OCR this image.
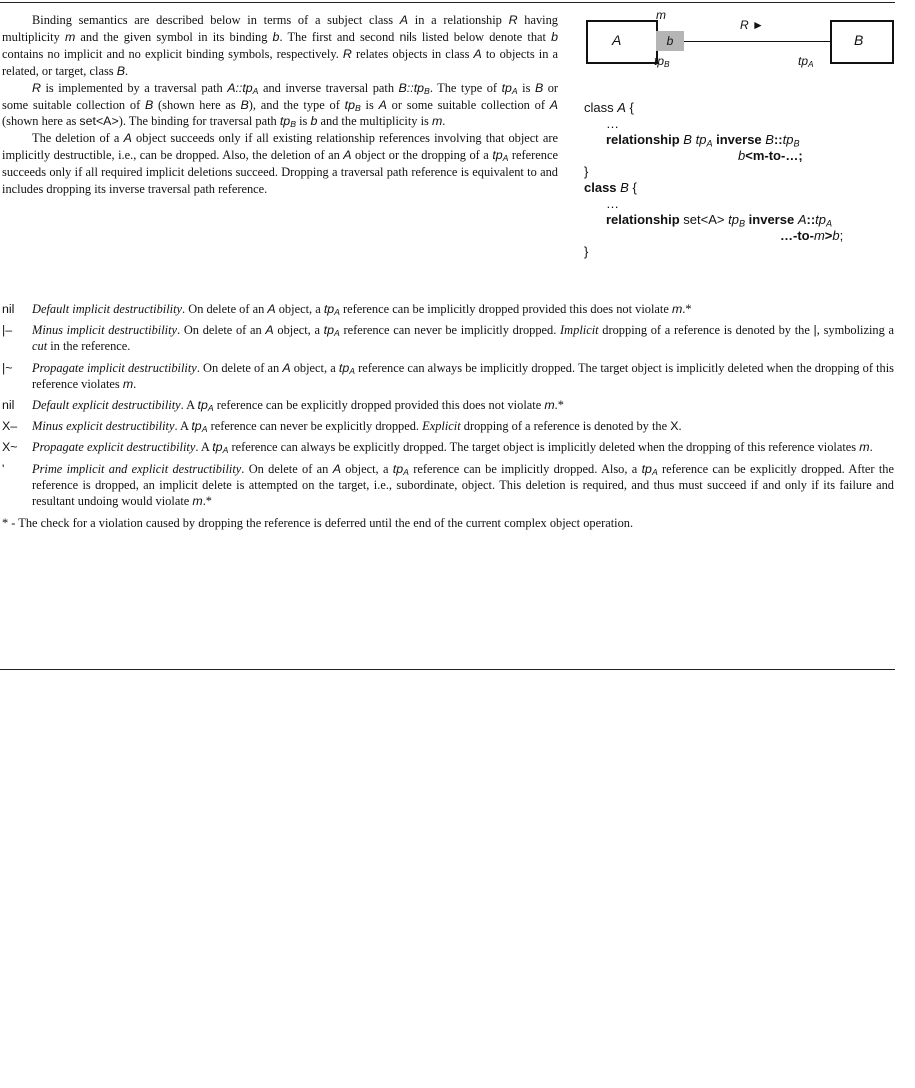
Binding semantics are described below in terms of a subject class A in a relationship R having multiplicity m and the given symbol in its binding b. The first and second nils listed below denote that b contains no implicit and no explicit binding symbols, respectively. R relates objects in class A to objects in a related, or target, class B.

R is implemented by a traversal path $A::tp_A$ and inverse traversal path $B::tp_B$. The type of $tp_A$ is B or some suitable collection of B (shown here as B), and the type of $tp_B$ is A or some suitable collection of A (shown here as set<A>). The binding for traversal path $tp_B$ is b and the multiplicity is m.

The deletion of a A object succeeds only if all existing relationship references involving that object are implicitly destructible, i.e., can be dropped. Also, the deletion of an A object or the dropping of a $tp_A$ reference succeeds only if all required implicit deletions succeed. Dropping a traversal path reference is equivalent to and includes dropping its inverse traversal path reference.

A	b	B
m
R ►
$tp_B$	$tp_A$
class A {
…
relationship B $tp_A$ inverse $B::tp_B$
b<m-to-…;
}
class B {
…
relationship $set<A> tp_B$ inverse $A::tp_A$
…-to-m>b;
}
nil Default implicit destructibility. On delete of an A object, a $tp_A$ reference can be implicitly dropped provided this does not violate m.*
|– Minus implicit destructibility. On delete of an A object, a $tp_A$ reference can never be implicitly dropped. Implicit dropping of a reference is denoted by the |, symbolizing a cut in the reference.
|~ Propagate implicit destructibility. On delete of an A object, a $tp_A$ reference can always be implicitly dropped. The target object is implicitly deleted when the dropping of this reference violates m.
nil Default explicit destructibility. A $tp_A$ reference can be explicitly dropped provided this does not violate m.*
X– Minus explicit destructibility. A $tp_A$ reference can never be explicitly dropped. Explicit dropping of a reference is denoted by the X.
X~ Propagate explicit destructibility. A $tp_A$ reference can always be explicitly dropped. The target object is implicitly deleted when the dropping of this reference violates m.
' Prime implicit and explicit destructibility. On delete of an A object, a $tp_A$ reference can be implicitly dropped. Also, a $tp_A$ reference can be explicitly dropped. After the reference is dropped, an implicit delete is attempted on the target, i.e., subordinate, object. This deletion is required, and thus must succeed if and only if its failure and resultant undoing would violate m.*
* - The check for a violation caused by dropping the reference is deferred until the end of the current complex object operation.
